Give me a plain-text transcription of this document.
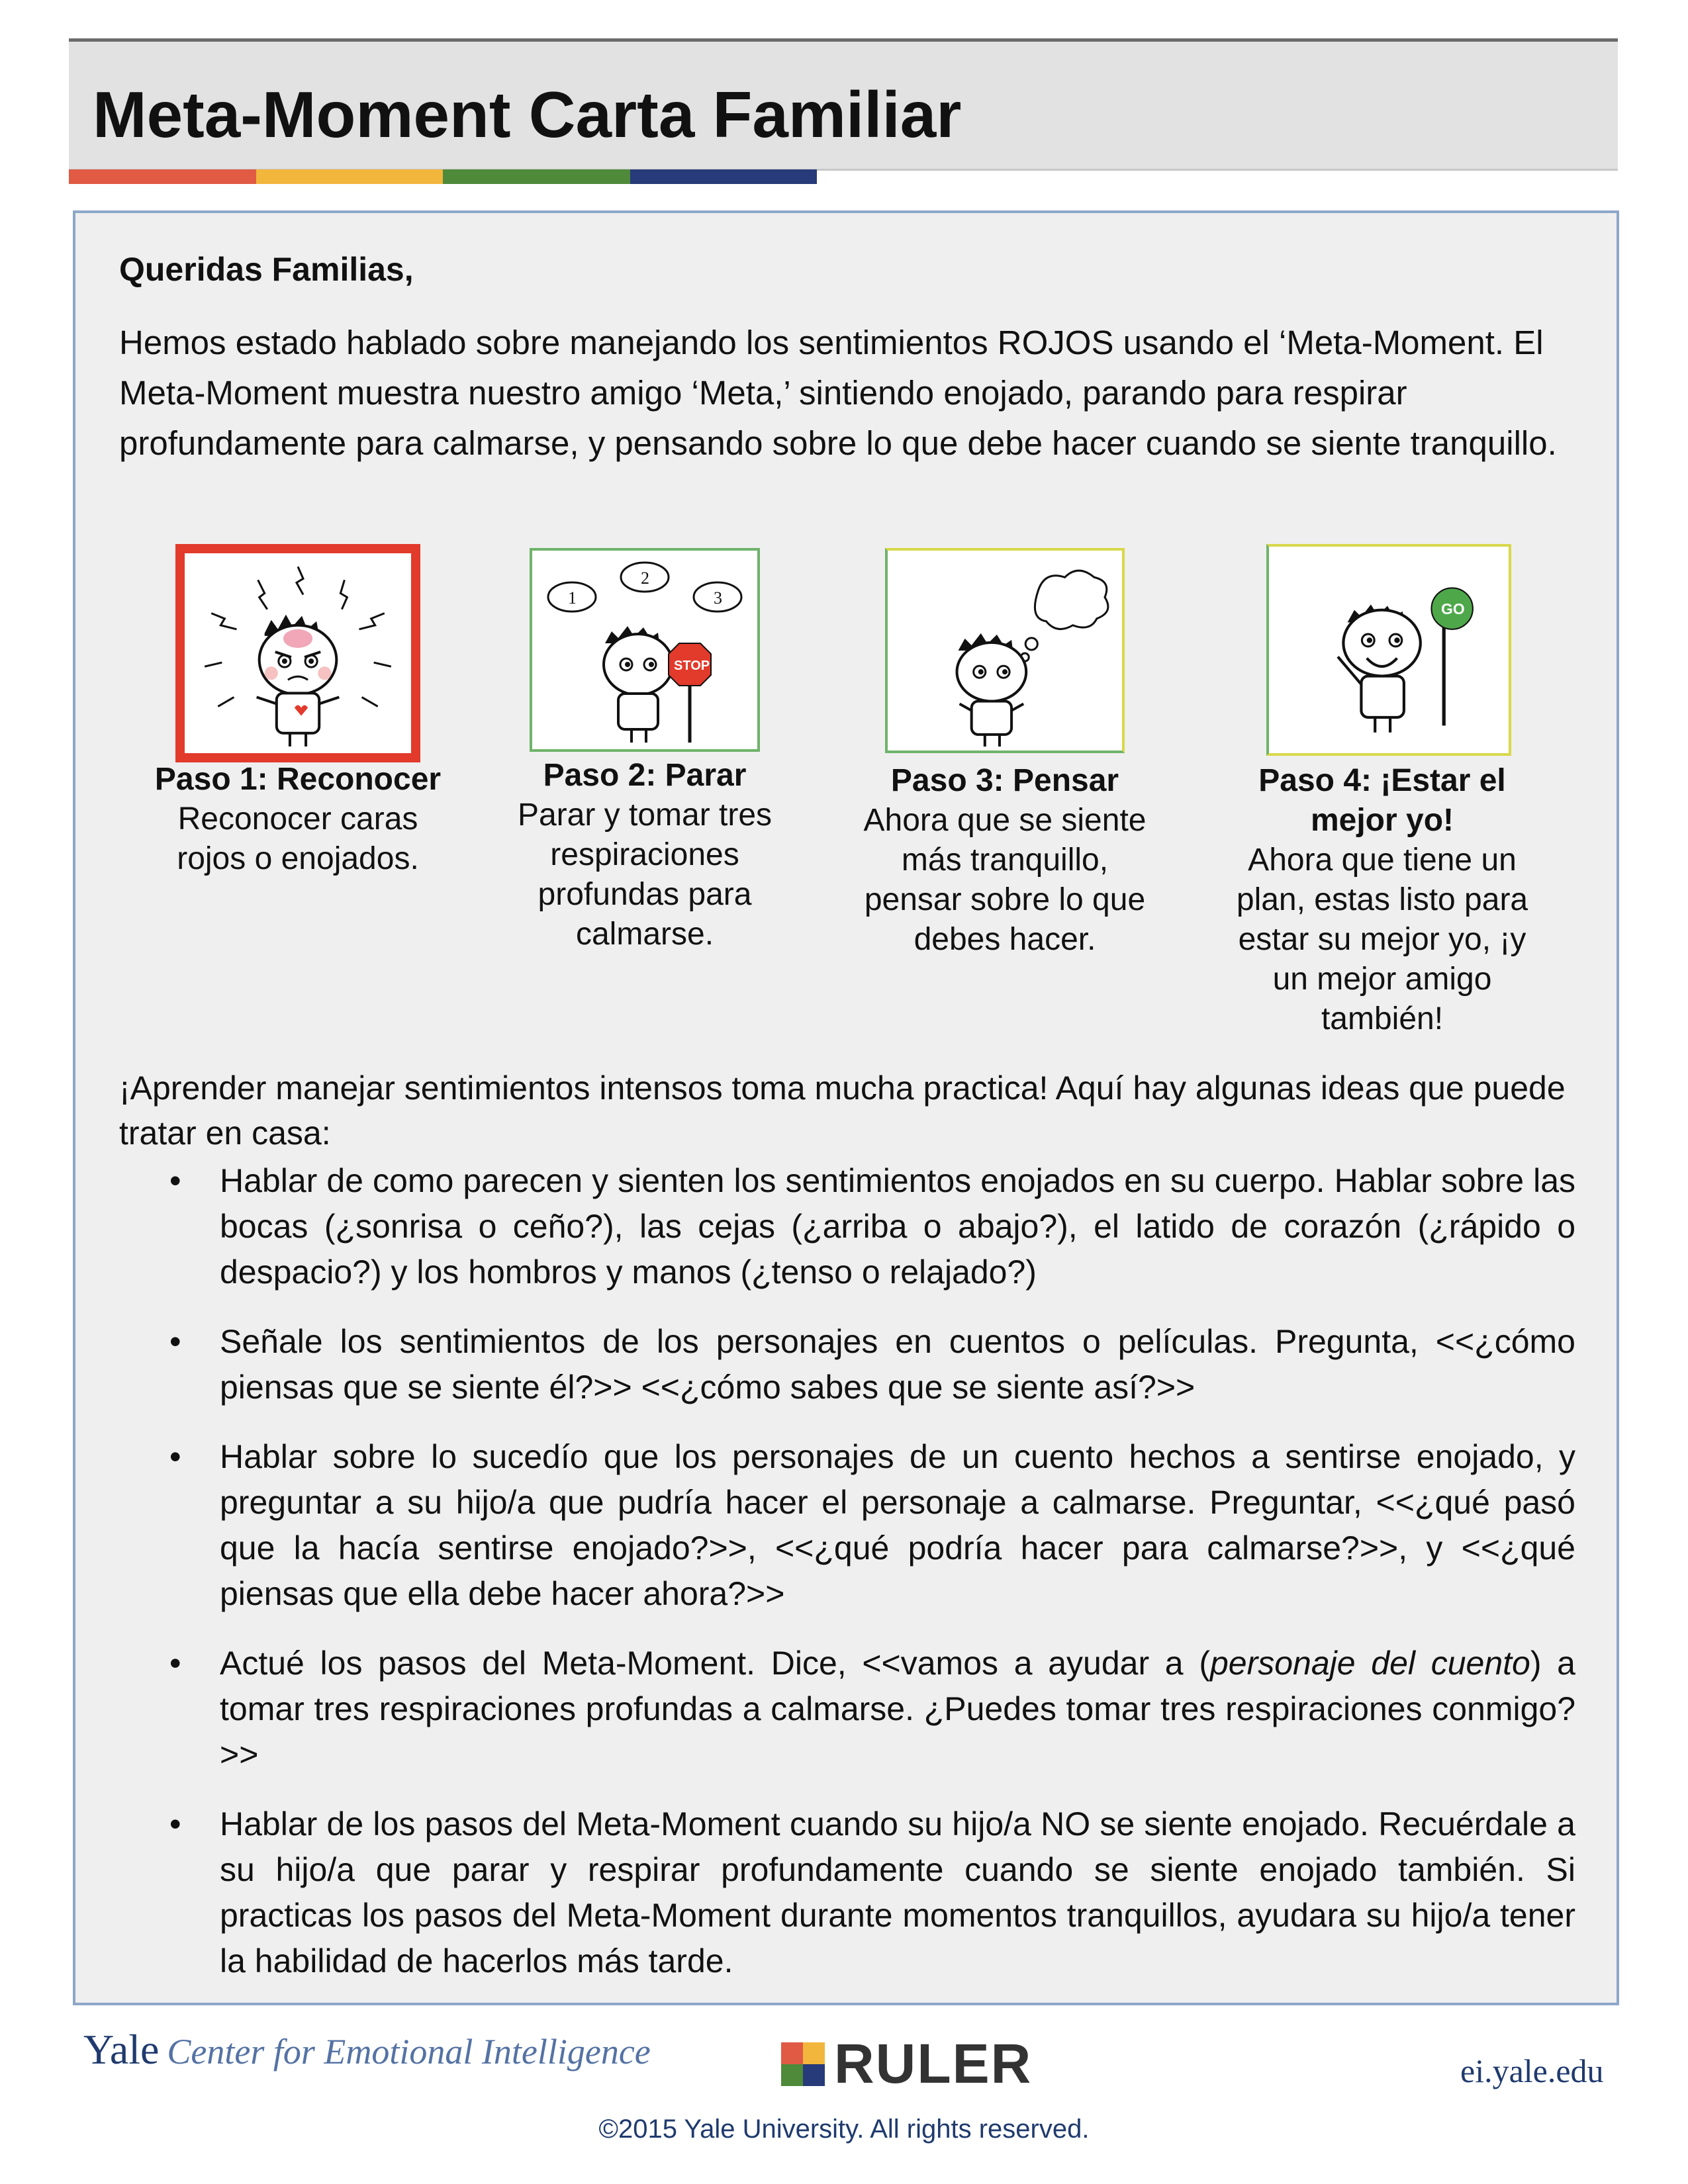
Meta-Moment Carta Familiar
Queridas Familias,
Hemos estado hablado sobre manejando los sentimientos ROJOS usando el ‘Meta-Moment. El Meta-Moment muestra nuestro amigo ‘Meta,’ sintiendo enojado, parando para respirar profundamente para calmarse, y pensando sobre lo que debe hacer cuando se siente tranquillo.
1
2
3
STOP
GO
Paso 1: Reconocer
Reconocer caras rojos o enojados.
Paso 2: Parar
Parar y tomar tres respiraciones profundas para calmarse.
Paso 3: Pensar
Ahora que se siente más tranquillo, pensar sobre lo que debes hacer.
Paso 4: ¡Estar el mejor yo!
Ahora que tiene un plan, estas listo para estar su mejor yo, ¡y un mejor amigo también!
¡Aprender manejar sentimientos intensos toma mucha practica! Aquí hay algunas ideas que puede tratar en casa:
• Hablar de como parecen y sienten los sentimientos enojados en su cuerpo. Hablar sobre las bocas (¿sonrisa o ceño?), las cejas (¿arriba o abajo?), el latido de corazón (¿rápido o despacio?) y los hombros y manos (¿tenso o relajado?)
• Señale los sentimientos de los personajes en cuentos o películas. Pregunta, <<¿cómo piensas que se siente él?>> <<¿cómo sabes que se siente así?>>
• Hablar sobre lo sucedío que los personajes de un cuento hechos a sentirse enojado, y preguntar a su hijo/a que pudría hacer el personaje a calmarse. Preguntar, <<¿qué pasó que la hacía sentirse enojado?>>, <<¿qué podría hacer para calmarse?>>, y <<¿qué piensas que ella debe hacer ahora?>>
• Actué los pasos del Meta-Moment. Dice, <<vamos a ayudar a (personaje del cuento) a tomar tres respiraciones profundas a calmarse. ¿Puedes tomar tres respiraciones conmigo?>>
• Hablar de los pasos del Meta-Moment cuando su hijo/a NO se siente enojado. Recuérdale a su hijo/a que parar y respirar profundamente cuando se siente enojado también. Si practicas los pasos del Meta-Moment durante momentos tranquillos, ayudara su hijo/a tener la habilidad de hacerlos más tarde.
Yale Center for Emotional Intelligence	RULER	ei.yale.edu
©2015 Yale University. All rights reserved.
